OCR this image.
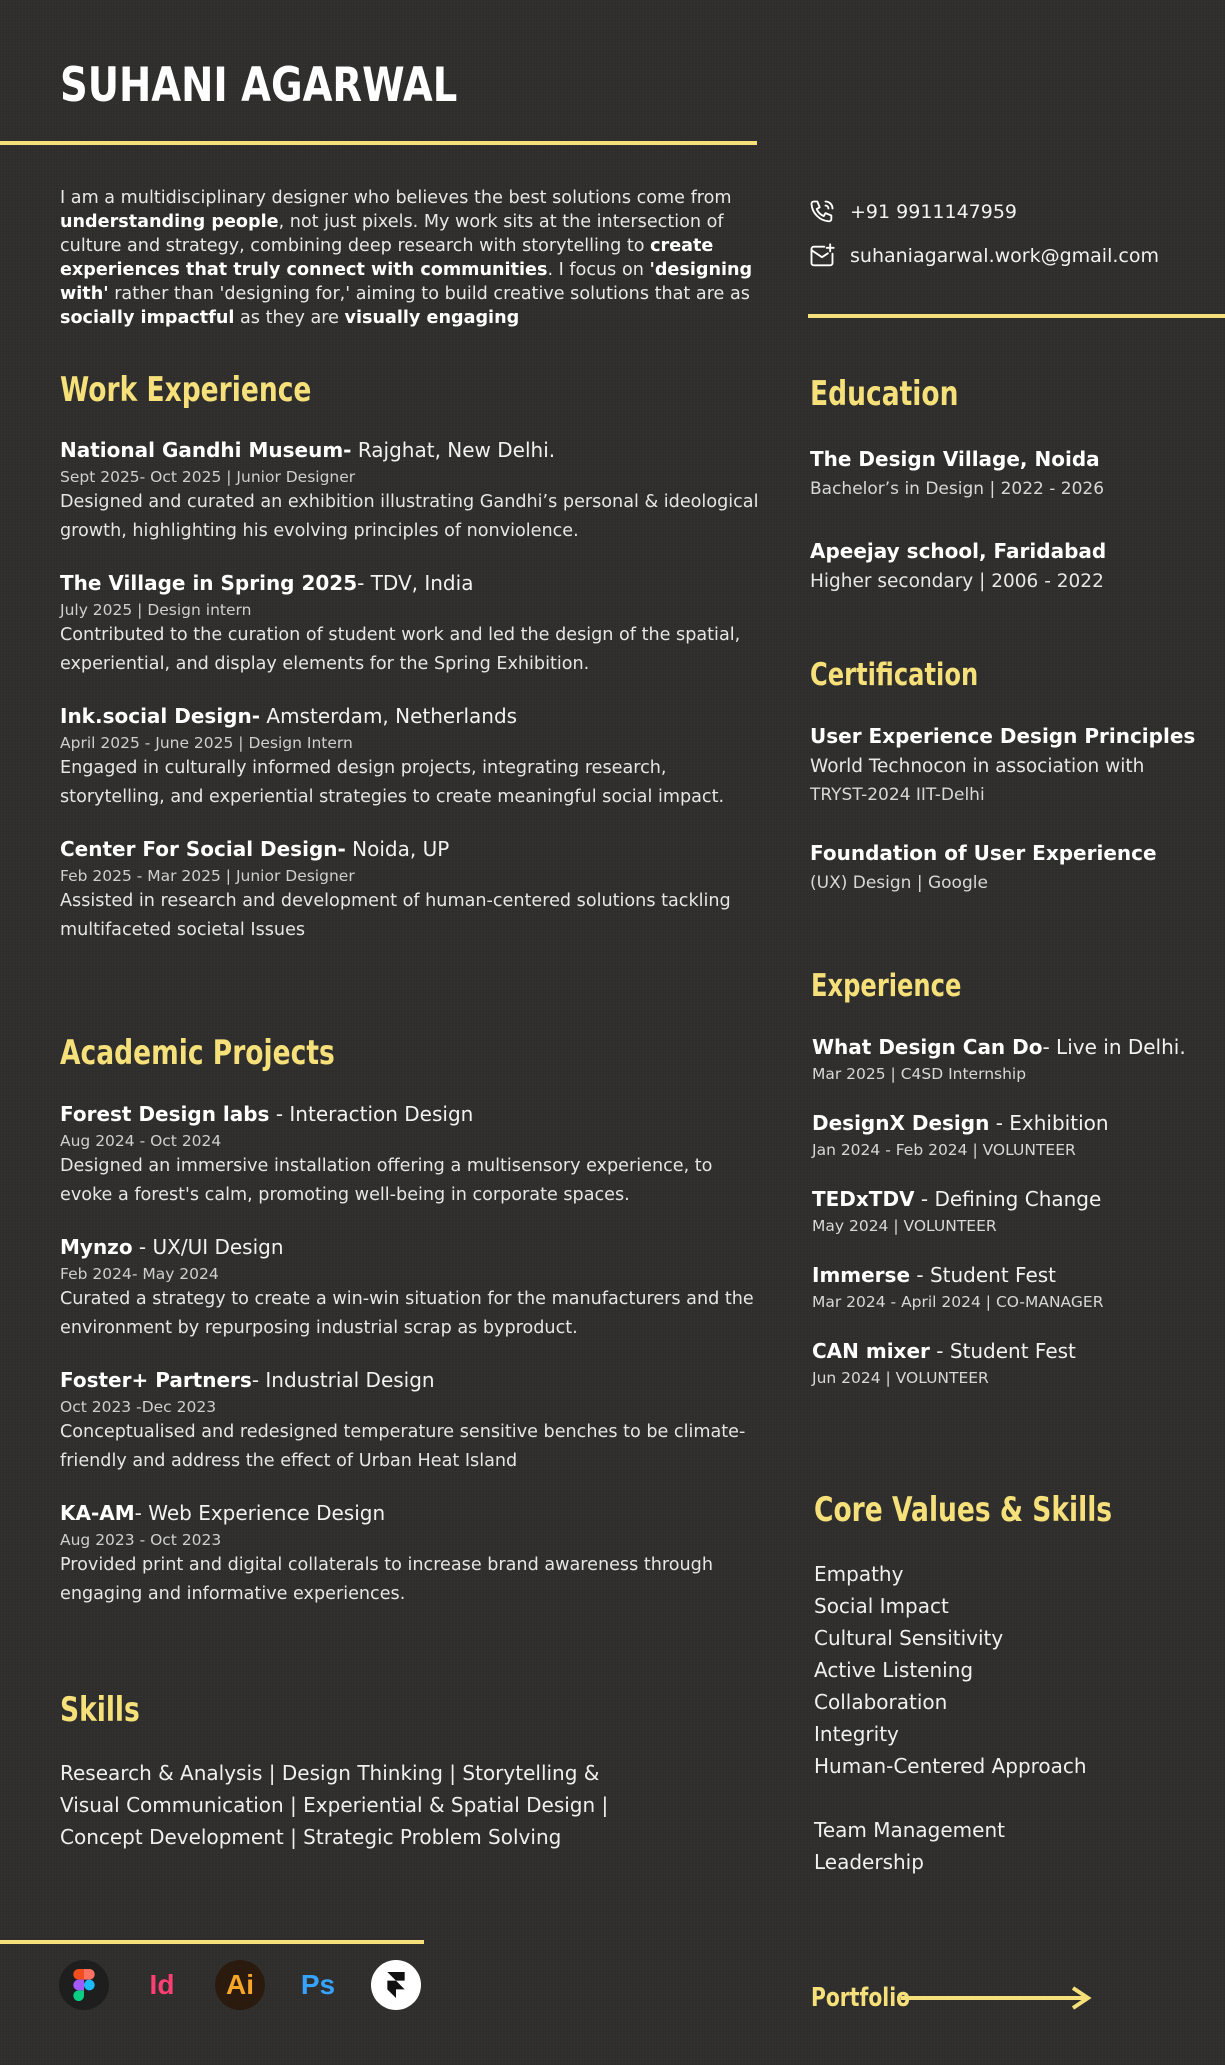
SUHANI AGARWAL
I am a multidisciplinary designer who believes the best solutions come from understanding people, not just pixels. My work sits at the intersection of culture and strategy, combining deep research with storytelling to create experiences that truly connect with communities. I focus on 'designing with' rather than 'designing for,' aiming to build creative solutions that are as socially impactful as they are visually engaging
+91 9911147959
suhaniagarwal.work@gmail.com
Work Experience
National Gandhi Museum- Rajghat, New Delhi.
Sept 2025- Oct 2025 | Junior Designer
Designed and curated an exhibition illustrating Gandhi’s personal & ideological growth, highlighting his evolving principles of nonviolence.
The Village in Spring 2025- TDV, India
July 2025 | Design intern
Contributed to the curation of student work and led the design of the spatial, experiential, and display elements for the Spring Exhibition.
Ink.social Design- Amsterdam, Netherlands
April 2025 - June 2025 | Design Intern
Engaged in culturally informed design projects, integrating research, storytelling, and experiential strategies to create meaningful social impact.
Center For Social Design- Noida, UP
Feb 2025 - Mar 2025 | Junior Designer
Assisted in research and development of human-centered solutions tackling multifaceted societal Issues
Academic Projects
Forest Design labs - Interaction Design
Aug 2024 - Oct 2024
Designed an immersive installation offering a multisensory experience, to evoke a forest's calm, promoting well-being in corporate spaces.
Mynzo - UX/UI Design
Feb 2024- May 2024
Curated a strategy to create a win-win situation for the manufacturers and the environment by repurposing industrial scrap as byproduct.
Foster+ Partners- Industrial Design
Oct 2023 -Dec 2023
Conceptualised and redesigned temperature sensitive benches to be climate-friendly and address the effect of Urban Heat Island
KA-AM- Web Experience Design
Aug 2023 - Oct 2023
Provided print and digital collaterals to increase brand awareness through engaging and informative experiences.
Skills
Research & Analysis | Design Thinking | Storytelling &
Visual Communication | Experiential & Spatial Design |
Concept Development | Strategic Problem Solving
Id	Ai	Ps
Education
The Design Village, Noida
Bachelor’s in Design | 2022 - 2026
Apeejay school, Faridabad
Higher secondary | 2006 - 2022
Certification
User Experience Design Principles
World Technocon in association with
TRYST-2024 IIT-Delhi
Foundation of User Experience
(UX) Design | Google
Experience
What Design Can Do- Live in Delhi.
Mar 2025 | C4SD Internship
DesignX Design - Exhibition
Jan 2024 - Feb 2024 | VOLUNTEER
TEDxTDV - Defining Change
May 2024 | VOLUNTEER
Immerse - Student Fest
Mar 2024 - April 2024 | CO-MANAGER
CAN mixer - Student Fest
Jun 2024 | VOLUNTEER
Core Values & Skills
Empathy
Social Impact
Cultural Sensitivity
Active Listening
Collaboration
Integrity
Human-Centered Approach
Team Management
Leadership
Portfolio
